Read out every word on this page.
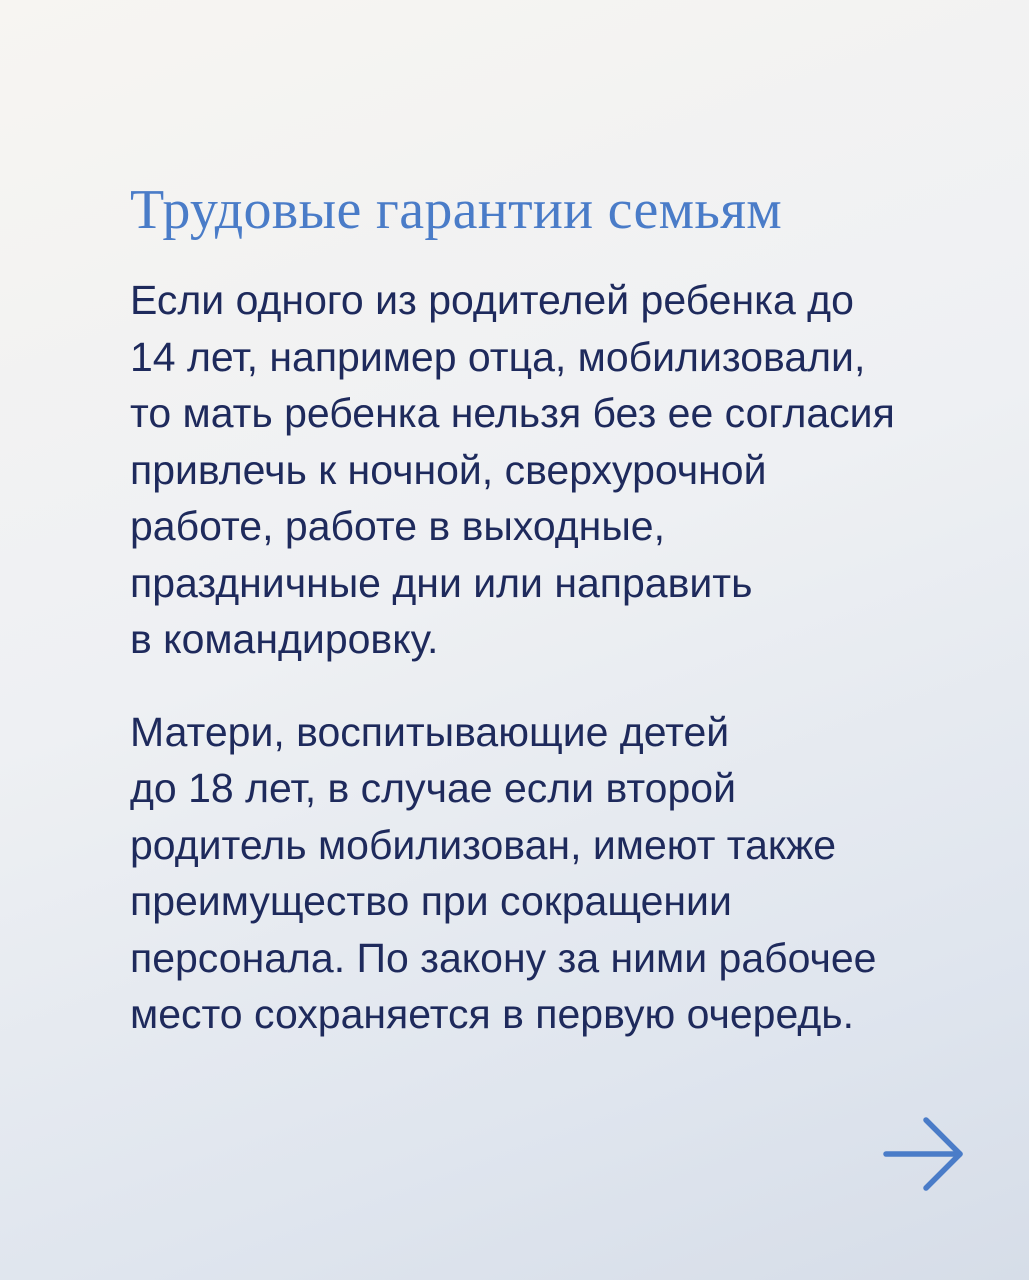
Трудовые гарантии семьям

Если одного из родителей ребенка до
14 лет, например отца, мобилизовали,
то мать ребенка нельзя без ее согласия
привлечь к ночной, сверхурочной
работе, работе в выходные,
праздничные дни или направить
в командировку.

Матери, воспитывающие детей
до 18 лет, в случае если второй
родитель мобилизован, имеют также
преимущество при сокращении
персонала. По закону за ними рабочее
место сохраняется в первую очередь.
